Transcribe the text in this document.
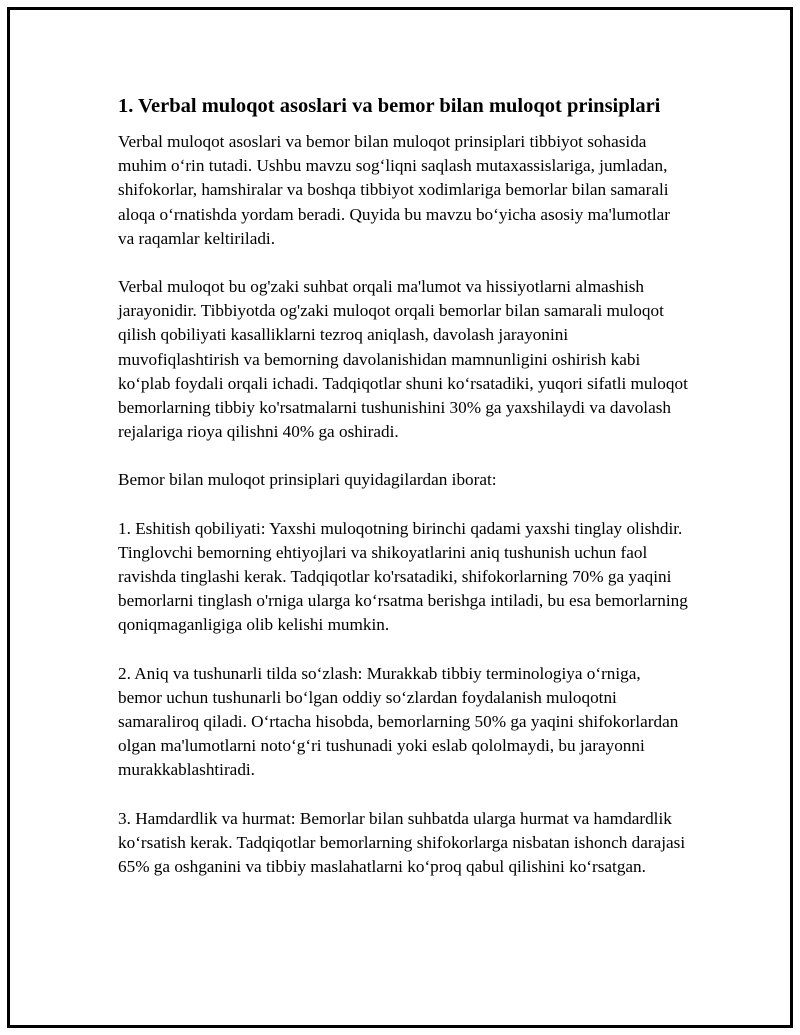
1. Verbal muloqot asoslari va bemor bilan muloqot prinsiplari

Verbal muloqot asoslari va bemor bilan muloqot prinsiplari tibbiyot sohasida muhim o‘rin tutadi. Ushbu mavzu sog‘liqni saqlash mutaxassislariga, jumladan, shifokorlar, hamshiralar va boshqa tibbiyot xodimlariga bemorlar bilan samarali aloqa o‘rnatishda yordam beradi. Quyida bu mavzu bo‘yicha asosiy ma'lumotlar va raqamlar keltiriladi.

Verbal muloqot bu og'zaki suhbat orqali ma'lumot va hissiyotlarni almashish jarayonidir. Tibbiyotda og'zaki muloqot orqali bemorlar bilan samarali muloqot qilish qobiliyati kasalliklarni tezroq aniqlash, davolash jarayonini muvofiqlashtirish va bemorning davolanishidan mamnunligini oshirish kabi ko‘plab foydali orqali ichadi. Tadqiqotlar shuni ko‘rsatadiki, yuqori sifatli muloqot bemorlarning tibbiy ko'rsatmalarni tushunishini 30% ga yaxshilaydi va davolash rejalariga rioya qilishni 40% ga oshiradi.

Bemor bilan muloqot prinsiplari quyidagilardan iborat:

1. Eshitish qobiliyati: Yaxshi muloqotning birinchi qadami yaxshi tinglay olishdir. Tinglovchi bemorning ehtiyojlari va shikoyatlarini aniq tushunish uchun faol ravishda tinglashi kerak. Tadqiqotlar ko'rsatadiki, shifokorlarning 70% ga yaqini bemorlarni tinglash o'rniga ularga ko‘rsatma berishga intiladi, bu esa bemorlarning qoniqmaganligiga olib kelishi mumkin.

2. Aniq va tushunarli tilda so‘zlash: Murakkab tibbiy terminologiya o‘rniga, bemor uchun tushunarli bo‘lgan oddiy so‘zlardan foydalanish muloqotni samaraliroq qiladi. O‘rtacha hisobda, bemorlarning 50% ga yaqini shifokorlardan olgan ma'lumotlarni noto‘g‘ri tushunadi yoki eslab qololmaydi, bu jarayonni murakkablashtiradi.

3. Hamdardlik va hurmat: Bemorlar bilan suhbatda ularga hurmat va hamdardlik ko‘rsatish kerak. Tadqiqotlar bemorlarning shifokorlarga nisbatan ishonch darajasi 65% ga oshganini va tibbiy maslahatlarni ko‘proq qabul qilishini ko‘rsatgan.
